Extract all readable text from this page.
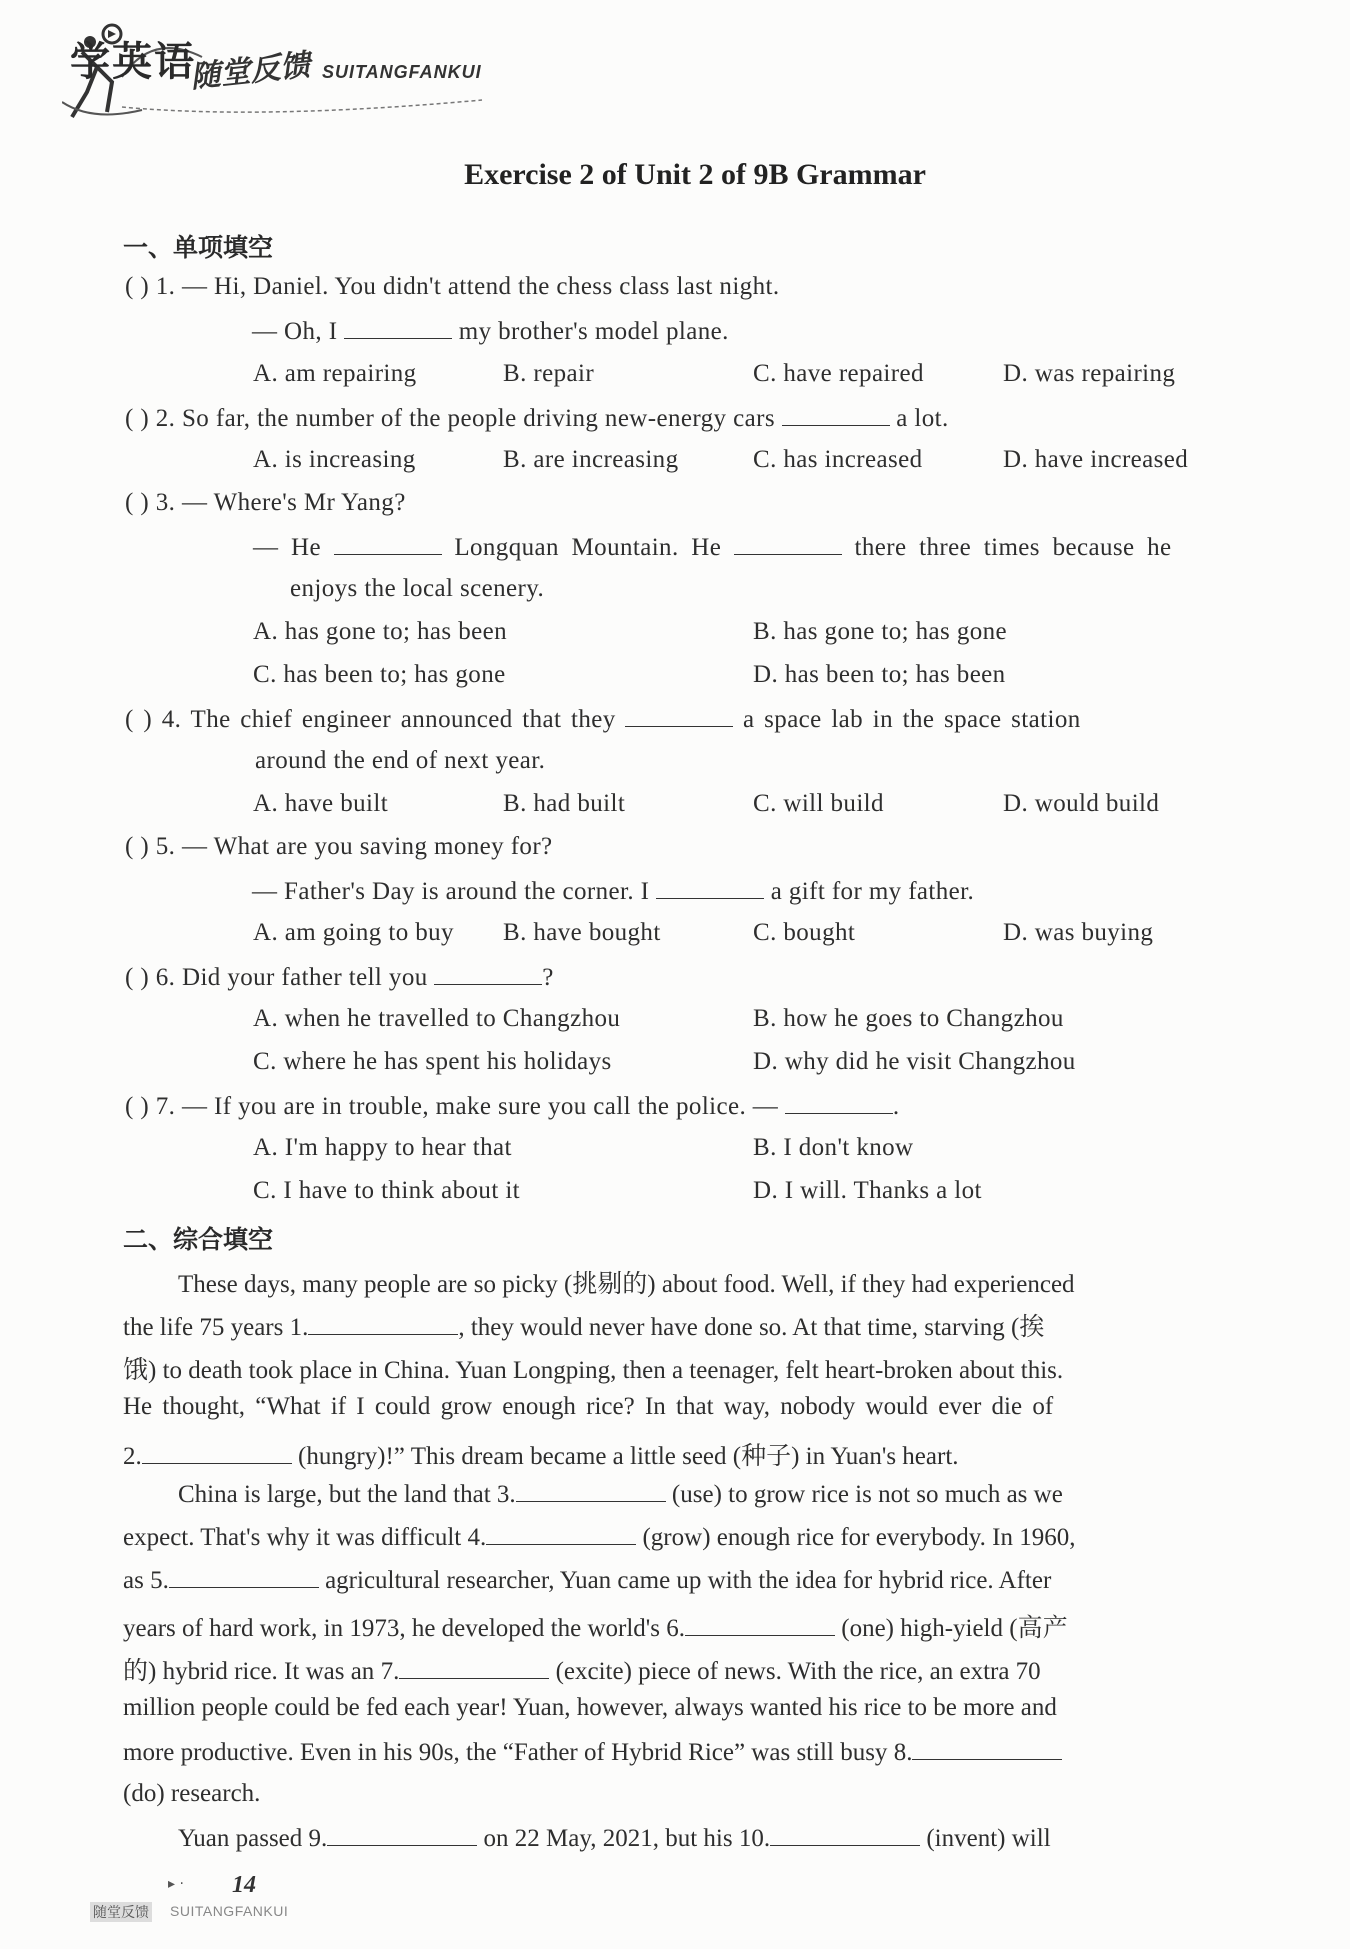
学英语
随堂反馈 SUITANGFANKUI
Exercise 2 of Unit 2 of 9B Grammar
一、单项填空
( ) 1. — Hi, Daniel. You didn't attend the chess class last night.
— Oh, I	my brother's model plane.
A. am repairing	B. repair	C. have repaired	D. was repairing
( ) 2. So far, the number of the people driving new-energy cars	a lot.
A. is increasing	B. are increasing	C. has increased	D. have increased
( ) 3. — Where's Mr Yang?
— He	Longquan Mountain. He	there three times because he
enjoys the local scenery.
A. has gone to; has been	B. has gone to; has gone
C. has been to; has gone	D. has been to; has been
( ) 4. The chief engineer announced that they	a space lab in the space station
around the end of next year.
A. have built	B. had built	C. will build	D. would build
( ) 5. — What are you saving money for?
— Father's Day is around the corner. I	a gift for my father.
A. am going to buy B. have bought	C. bought	D. was buying
( ) 6. Did your father tell you	?
A. when he travelled to Changzhou	B. how he goes to Changzhou
C. where he has spent his holidays	D. why did he visit Changzhou
( ) 7. — If you are in trouble, make sure you call the police. —	.
A. I'm happy to hear that	B. I don't know
C. I have to think about it	D. I will. Thanks a lot
二、综合填空
These days, many people are so picky (挑剔的) about food. Well, if they had experienced
the life 75 years 1.	, they would never have done so. At that time, starving (挨
饿) to death took place in China. Yuan Longping, then a teenager, felt heart-broken about this.
He thought, “What if I could grow enough rice? In that way, nobody would ever die of
2.	(hungry)!” This dream became a little seed (种子) in Yuan's heart.
China is large, but the land that 3.	(use) to grow rice is not so much as we
expect. That's why it was difficult 4.	(grow) enough rice for everybody. In 1960,
as 5.	agricultural researcher, Yuan came up with the idea for hybrid rice. After
years of hard work, in 1973, he developed the world's 6.	(one) high-yield (高产
的) hybrid rice. It was an 7.	(excite) piece of news. With the rice, an extra 70
million people could be fed each year! Yuan, however, always wanted his rice to be more and
more productive. Even in his 90s, the “Father of Hybrid Rice” was still busy 8.
(do) research.
Yuan passed 9.	on 22 May, 2021, but his 10.	(invent) will
▸ · 14
随堂反馈 SUITANGFANKUI
